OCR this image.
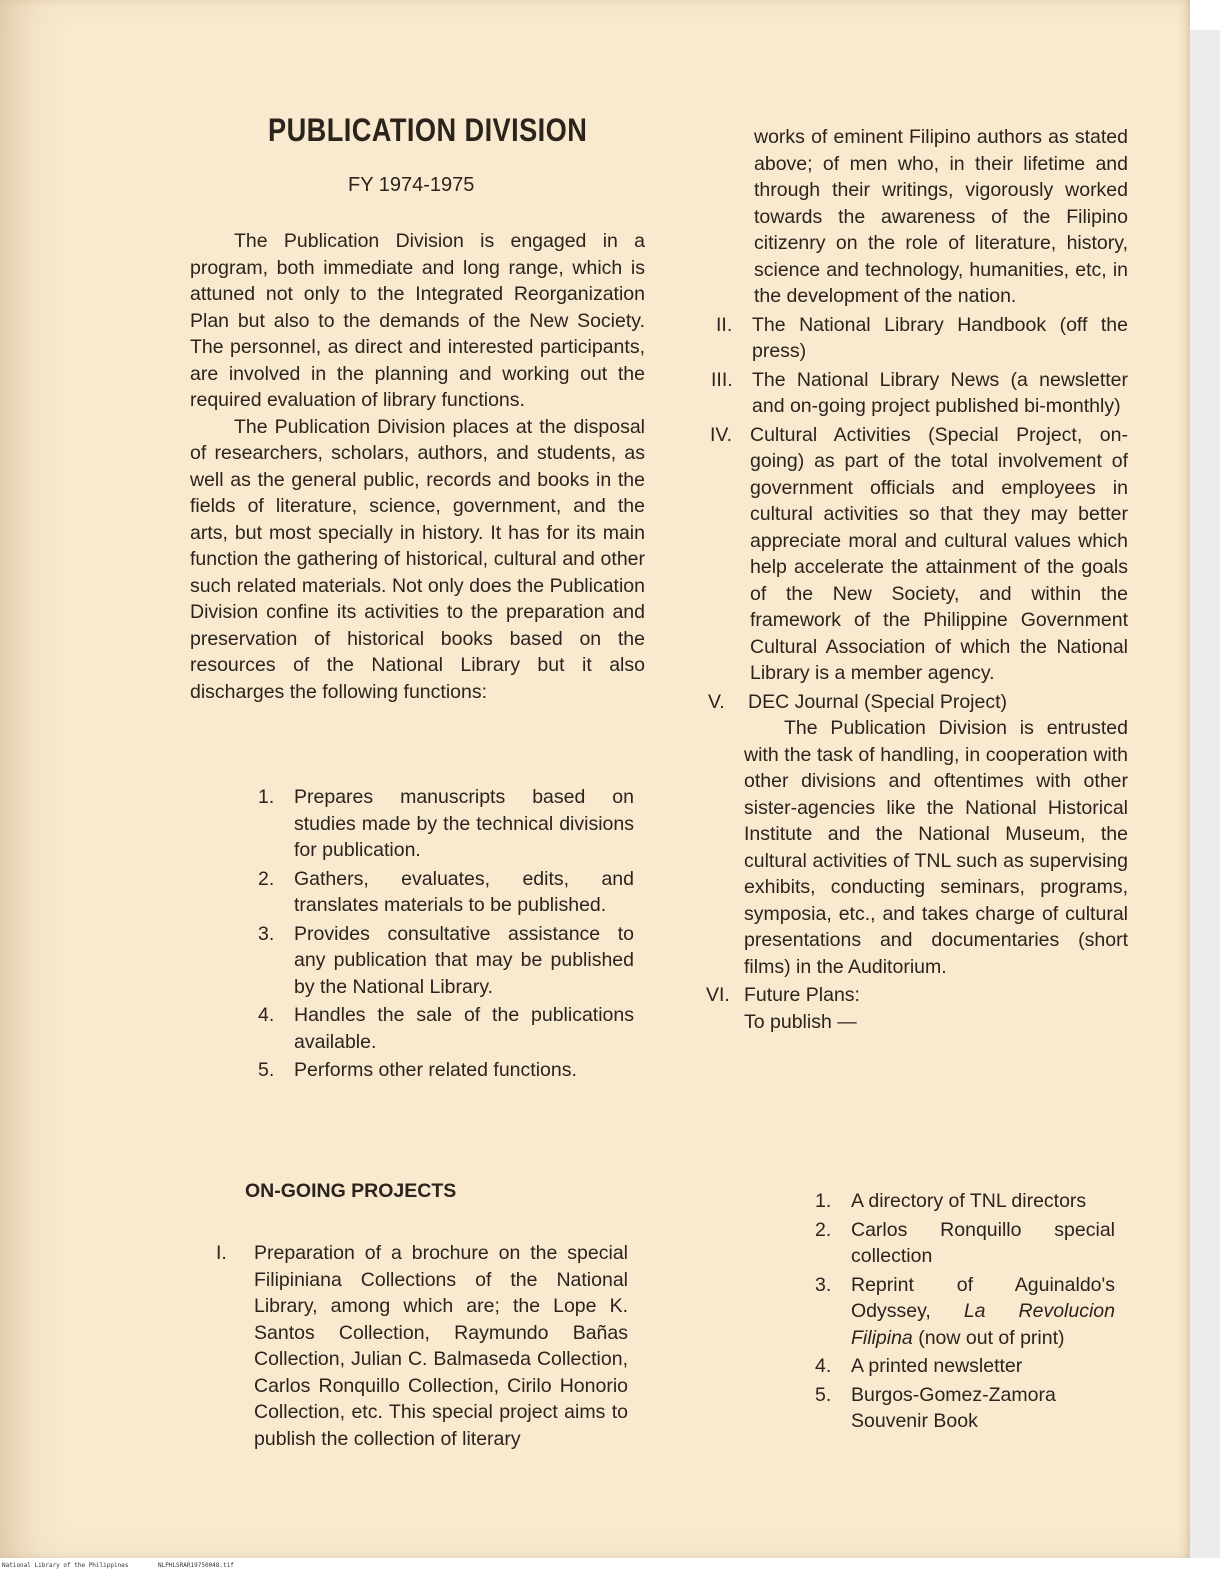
National Library of the Philippines	NLPHLSRAR19750048.tif
PUBLICATION DIVISION
FY 1974-1975

The Publication Division is engaged in a program, both immediate and long range, which is attuned not only to the Integrated Reorganization Plan but also to the demands of the New Society. The personnel, as direct and interested participants, are involved in the planning and working out the required evaluation of library functions.

The Publication Division places at the disposal of researchers, scholars, authors, and students, as well as the general public, records and books in the fields of literature, science, government, and the arts, but most specially in history. It has for its main function the gathering of historical, cultural and other such related materials. Not only does the Publication Division confine its activities to the preparation and preservation of historical books based on the resources of the National Library but it also discharges the following functions:

1. Prepares manuscripts based on studies made by the technical divisions for publication.
2. Gathers, evaluates, edits, and translates materials to be published.
3. Provides consultative assistance to any publication that may be published by the National Library.
4. Handles the sale of the publications available.
5. Performs other related functions.
ON-GOING PROJECTS
I. Preparation of a brochure on the special Filipiniana Collections of the National Library, among which are; the Lope K. Santos Collection, Raymundo Bañas Collection, Julian C. Balmaseda Collection, Carlos Ronquillo Collection, Cirilo Honorio Collection, etc. This special project aims to publish the collection of literary

works of eminent Filipino authors as stated above; of men who, in their lifetime and through their writings, vigorously worked towards the awareness of the Filipino citizenry on the role of literature, history, science and technology, humanities, etc, in the development of the nation.

II. The National Library Handbook (off the press)
III. The National Library News (a newsletter and on-going project published bi-monthly)
IV. Cultural Activities (Special Project, on-going) as part of the total involvement of government officials and employees in cultural activities so that they may better appreciate moral and cultural values which help accelerate the attainment of the goals of the New Society, and within the framework of the Philippine Government Cultural Association of which the National Library is a member agency.
V. DEC Journal (Special Project)

The Publication Division is entrusted with the task of handling, in cooperation with other divisions and oftentimes with other sister-agencies like the National Historical Institute and the National Museum, the cultural activities of TNL such as supervising exhibits, conducting seminars, programs, symposia, etc., and takes charge of cultural presentations and documentaries (short films) in the Auditorium.

VI. Future Plans:
To publish —
1. A directory of TNL directors
2. Carlos Ronquillo special collection
3. Reprint of Aguinaldo's Odyssey, La Revolucion Filipina (now out of print)
4. A printed newsletter
5. Burgos-Gomez-Zamora Souvenir Book
